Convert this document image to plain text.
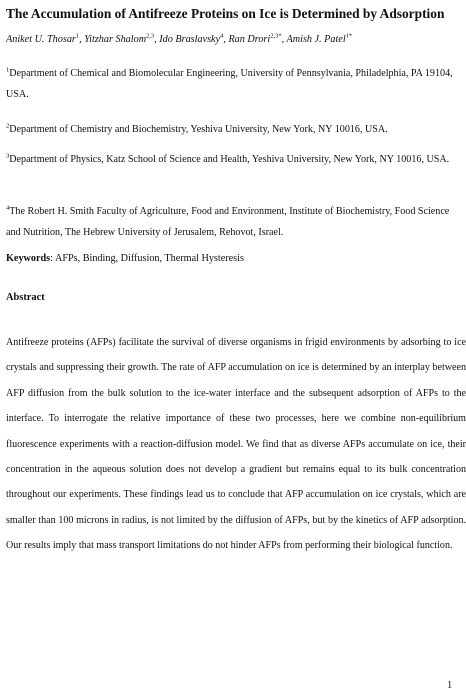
The Accumulation of Antifreeze Proteins on Ice is Determined by Adsorption
Aniket U. Thosar$^1$, Yitzhar Shalom$^{2,3}$, Ido Braslavsky$^4$, Ran Drori$^{2,3*}$, Amish J. Patel$^{1*}$
$^1$Department of Chemical and Biomolecular Engineering, University of Pennsylvania, Philadelphia, PA 19104, USA.
$^2$Department of Chemistry and Biochemistry, Yeshiva University, New York, NY 10016, USA.
$^3$Department of Physics, Katz School of Science and Health, Yeshiva University, New York, NY 10016, USA.
$^4$The Robert H. Smith Faculty of Agriculture, Food and Environment, Institute of Biochemistry, Food Science and Nutrition, The Hebrew University of Jerusalem, Rehovot, Israel.
Keywords: AFPs, Binding, Diffusion, Thermal Hysteresis
Abstract
Antifreeze proteins (AFPs) facilitate the survival of diverse organisms in frigid environments by adsorbing to ice crystals and suppressing their growth. The rate of AFP accumulation on ice is determined by an interplay between AFP diffusion from the bulk solution to the ice-water interface and the subsequent adsorption of AFPs to the interface. To interrogate the relative importance of these two processes, here we combine non-equilibrium fluorescence experiments with a reaction-diffusion model. We find that as diverse AFPs accumulate on ice, their concentration in the aqueous solution does not develop a gradient but remains equal to its bulk concentration throughout our experiments. These findings lead us to conclude that AFP accumulation on ice crystals, which are smaller than 100 microns in radius, is not limited by the diffusion of AFPs, but by the kinetics of AFP adsorption. Our results imply that mass transport limitations do not hinder AFPs from performing their biological function.
1
